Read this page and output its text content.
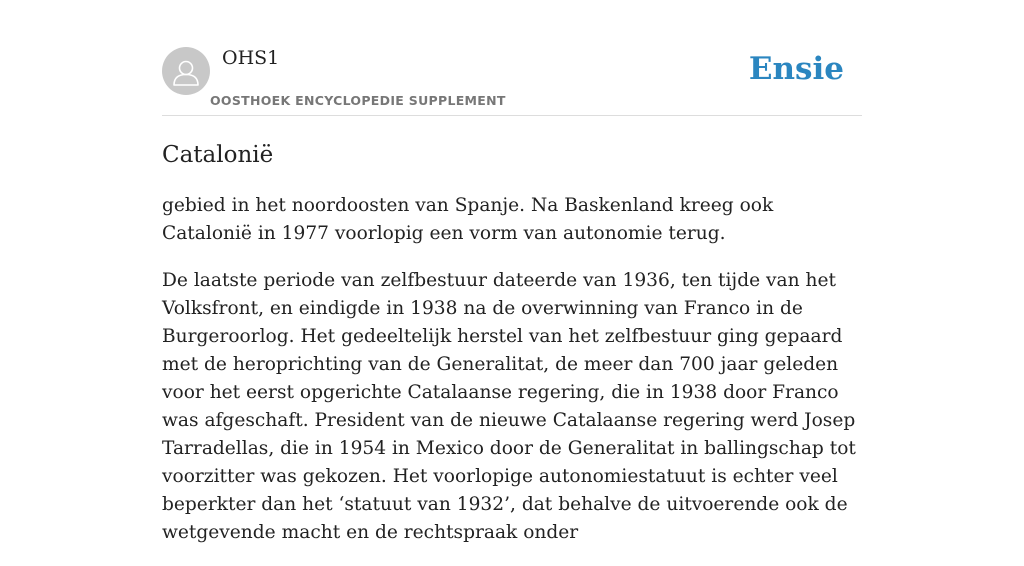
OHS1
OOSTHOEK ENCYCLOPEDIE SUPPLEMENT
Ensie
Catalonië

gebied in het noordoosten van Spanje. Na Baskenland kreeg ook Catalonië in 1977 voorlopig een vorm van autonomie terug.

De laatste periode van zelfbestuur dateerde van 1936, ten tijde van het Volksfront, en eindigde in 1938 na de overwinning van Franco in de Burgeroorlog. Het gedeeltelijk herstel van het zelfbestuur ging gepaard met de heroprichting van de Generalitat, de meer dan 700 jaar geleden voor het eerst opgerichte Catalaanse regering, die in 1938 door Franco was afgeschaft. President van de nieuwe Catalaanse regering werd Josep Tarradellas, die in 1954 in Mexico door de Generalitat in ballingschap tot voorzitter was gekozen. Het voorlopige autonomiestatuut is echter veel beperkter dan het ‘statuut van 1932’, dat behalve de uitvoerende ook de wetgevende macht en de rechtspraak onder
